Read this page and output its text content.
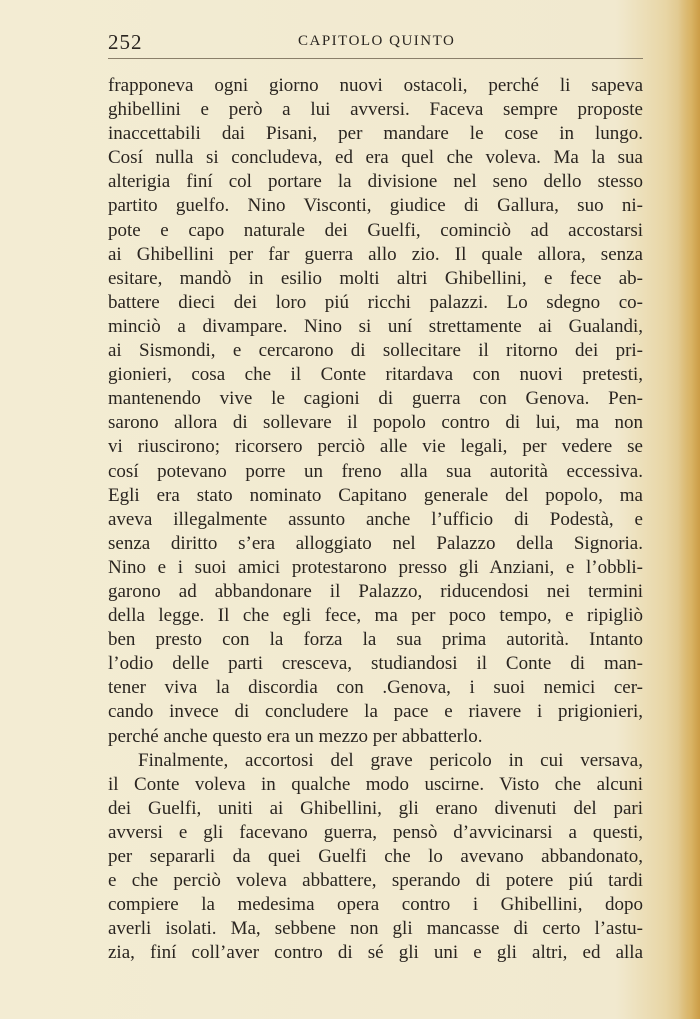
252	CAPITOLO QUINTO
frapponeva ogni giorno nuovi ostacoli, perché li sapeva
ghibellini e però a lui avversi. Faceva sempre proposte
inaccettabili dai Pisani, per mandare le cose in lungo.
Cosí nulla si concludeva, ed era quel che voleva. Ma la sua
alterigia finí col portare la divisione nel seno dello stesso
partito guelfo. Nino Visconti, giudice di Gallura, suo ni-
pote e capo naturale dei Guelfi, cominciò ad accostarsi
ai Ghibellini per far guerra allo zio. Il quale allora, senza
esitare, mandò in esilio molti altri Ghibellini, e fece ab-
battere dieci dei loro piú ricchi palazzi. Lo sdegno co-
minciò a divampare. Nino si uní strettamente ai Gualandi,
ai Sismondi, e cercarono di sollecitare il ritorno dei pri-
gionieri, cosa che il Conte ritardava con nuovi pretesti,
mantenendo vive le cagioni di guerra con Genova. Pen-
sarono allora di sollevare il popolo contro di lui, ma non
vi riuscirono; ricorsero perciò alle vie legali, per vedere se
cosí potevano porre un freno alla sua autorità eccessiva.
Egli era stato nominato Capitano generale del popolo, ma
aveva illegalmente assunto anche l’ufficio di Podestà, e
senza diritto s’era alloggiato nel Palazzo della Signoria.
Nino e i suoi amici protestarono presso gli Anziani, e l’obbli-
garono ad abbandonare il Palazzo, riducendosi nei termini
della legge. Il che egli fece, ma per poco tempo, e ripigliò
ben presto con la forza la sua prima autorità. Intanto
l’odio delle parti cresceva, studiandosi il Conte di man-
tener viva la discordia con .Genova, i suoi nemici cer-
cando invece di concludere la pace e riavere i prigionieri,
perché anche questo era un mezzo per abbatterlo.
Finalmente, accortosi del grave pericolo in cui versava,
il Conte voleva in qualche modo uscirne. Visto che alcuni
dei Guelfi, uniti ai Ghibellini, gli erano divenuti del pari
avversi e gli facevano guerra, pensò d’avvicinarsi a questi,
per separarli da quei Guelfi che lo avevano abbandonato,
e che perciò voleva abbattere, sperando di potere piú tardi
compiere la medesima opera contro i Ghibellini, dopo
averli isolati. Ma, sebbene non gli mancasse di certo l’astu-
zia, finí coll’aver contro di sé gli uni e gli altri, ed alla
